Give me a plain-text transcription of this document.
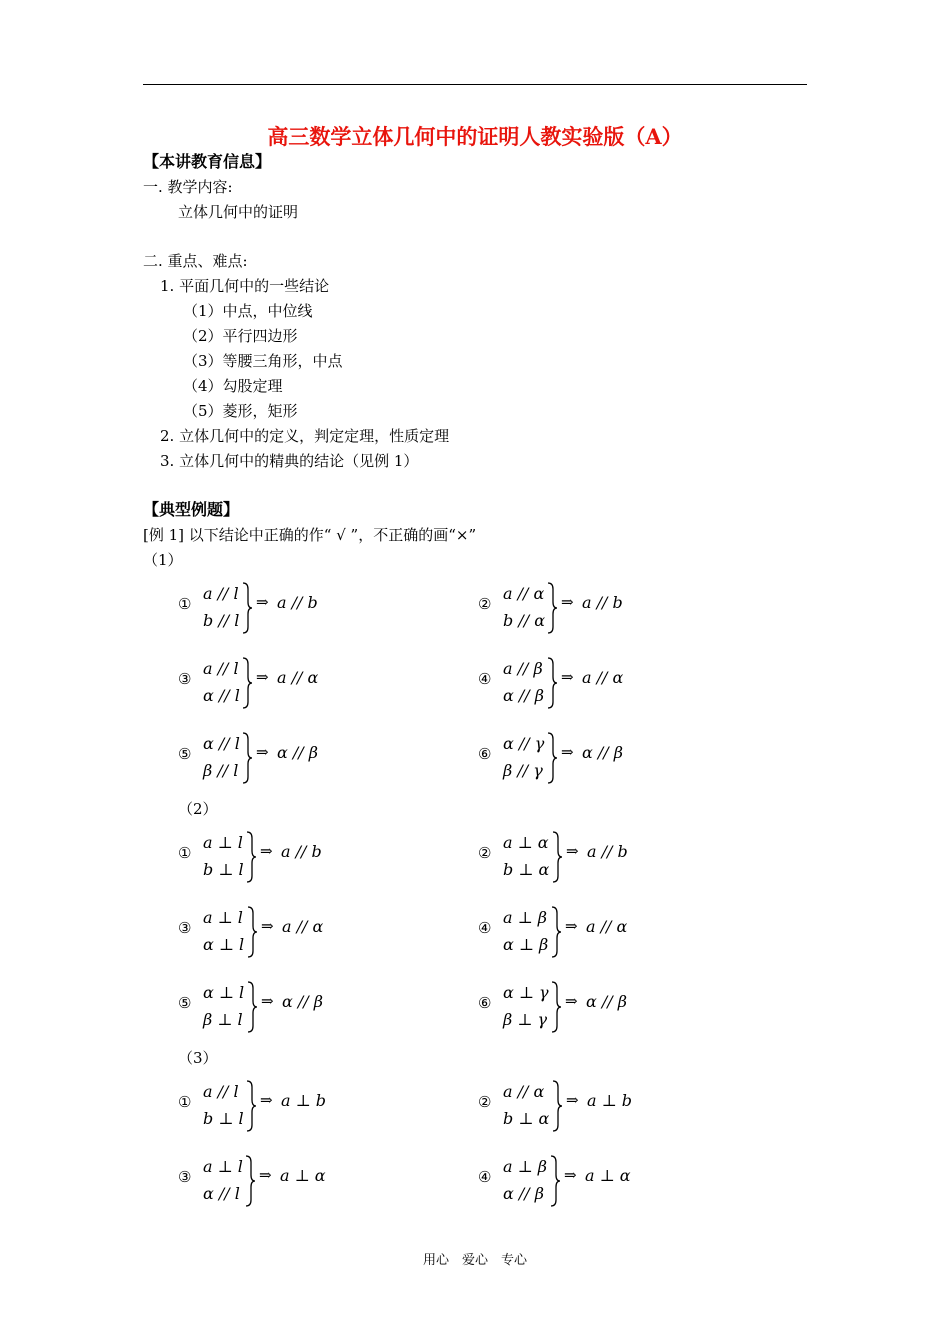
高三数学立体几何中的证明人教实验版（A）
【本讲教育信息】
一. 教学内容:
立体几何中的证明
二. 重点、难点:
1. 平面几何中的一些结论
（1）中点，中位线
（2）平行四边形
（3）等腰三角形，中点
（4）勾股定理
（5）菱形，矩形
2. 立体几何中的定义，判定定理，性质定理
3. 立体几何中的精典的结论（见例 1）
【典型例题】
[例 1] 以下结论中正确的作“ √ ”，不正确的画“×”
（1）
（2）
（3）
①
a // l
b // l
⇒ a // b	②
a // α
b // α
⇒ a // b
③
a // l
α // l
⇒ a // α	④
a // β
α // β
⇒ a // α
⑤
α // l
β // l
⇒ α // β	⑥
α // γ
β // γ
⇒ α // β
①
a ⊥ l
b ⊥ l
⇒ a // b	②
a ⊥ α
b ⊥ α
⇒ a // b
③
a ⊥ l
α ⊥ l
⇒ a // α	④
a ⊥ β
α ⊥ β
⇒ a // α
⑤
α ⊥ l
β ⊥ l
⇒ α // β	⑥
α ⊥ γ
β ⊥ γ
⇒ α // β
①
a // l
b ⊥ l
⇒ a ⊥ b	②
a // α
b ⊥ α
⇒ a ⊥ b
③
a ⊥ l
α // l
⇒ a ⊥ α	④
a ⊥ β
α // β
⇒ a ⊥ α
用心　爱心　专心
